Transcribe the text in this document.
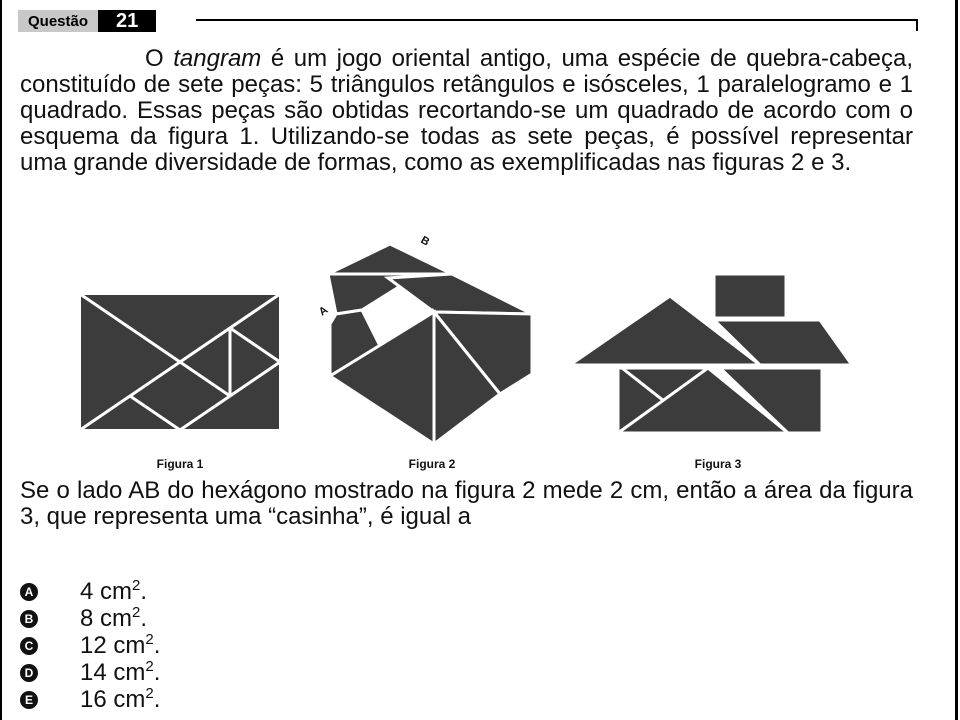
Questão	21

O tangram é um jogo oriental antigo, uma espécie de quebra-cabeça, constituído de sete peças: 5 triângulos retângulos e isósceles, 1 paralelogramo e 1 quadrado. Essas peças são obtidas recortando-se um quadrado de acordo com o esquema da figura 1. Utilizando-se todas as sete peças, é possível representar uma grande diversidade de formas, como as exemplificadas nas figuras 2 e 3.

A
B
Figura 1	Figura 2	Figura 3

Se o lado AB do hexágono mostrado na figura 2 mede 2 cm, então a área da figura 3, que representa uma “casinha”, é igual a

A 4 $cm^2$.
B 8 $cm^2$.
C 12 $cm^2$.
D 14 $cm^2$.
E 16 $cm^2$.
